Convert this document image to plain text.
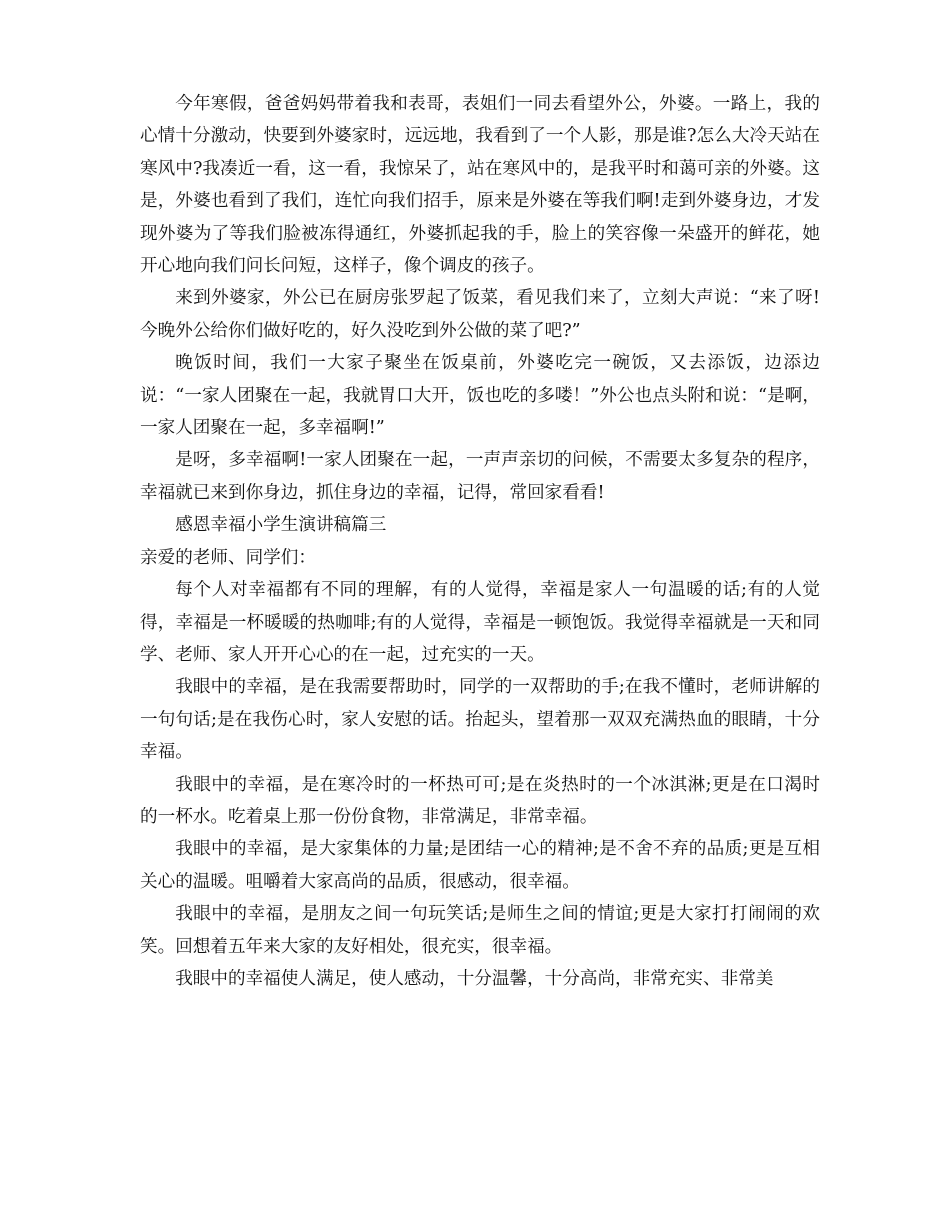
今年寒假，爸爸妈妈带着我和表哥，表姐们一同去看望外公，外婆。一路上，我的心情十分激动，快要到外婆家时，远远地，我看到了一个人影，那是谁?怎么大冷天站在寒风中?我凑近一看，这一看，我惊呆了，站在寒风中的，是我平时和蔼可亲的外婆。这是，外婆也看到了我们，连忙向我们招手，原来是外婆在等我们啊!走到外婆身边，才发现外婆为了等我们脸被冻得通红，外婆抓起我的手，脸上的笑容像一朵盛开的鲜花，她开心地向我们问长问短，这样子，像个调皮的孩子。

来到外婆家，外公已在厨房张罗起了饭菜，看见我们来了，立刻大声说：“来了呀!今晚外公给你们做好吃的，好久没吃到外公做的菜了吧?”

晚饭时间，我们一大家子聚坐在饭桌前，外婆吃完一碗饭，又去添饭，边添边说：“一家人团聚在一起，我就胃口大开，饭也吃的多喽！”外公也点头附和说：“是啊，一家人团聚在一起，多幸福啊!”

是呀，多幸福啊!一家人团聚在一起，一声声亲切的问候，不需要太多复杂的程序，幸福就已来到你身边，抓住身边的幸福，记得，常回家看看!

感恩幸福小学生演讲稿篇三

亲爱的老师、同学们：

每个人对幸福都有不同的理解，有的人觉得，幸福是家人一句温暖的话;有的人觉得，幸福是一杯暖暖的热咖啡;有的人觉得，幸福是一顿饱饭。我觉得幸福就是一天和同学、老师、家人开开心心的在一起，过充实的一天。

我眼中的幸福，是在我需要帮助时，同学的一双帮助的手;在我不懂时，老师讲解的一句句话;是在我伤心时，家人安慰的话。抬起头，望着那一双双充满热血的眼睛，十分幸福。

我眼中的幸福，是在寒冷时的一杯热可可;是在炎热时的一个冰淇淋;更是在口渴时的一杯水。吃着桌上那一份份食物，非常满足，非常幸福。

我眼中的幸福，是大家集体的力量;是团结一心的精神;是不舍不弃的品质;更是互相关心的温暖。咀嚼着大家高尚的品质，很感动，很幸福。

我眼中的幸福，是朋友之间一句玩笑话;是师生之间的情谊;更是大家打打闹闹的欢笑。回想着五年来大家的友好相处，很充实，很幸福。

我眼中的幸福使人满足，使人感动，十分温馨，十分高尚，非常充实、非常美
